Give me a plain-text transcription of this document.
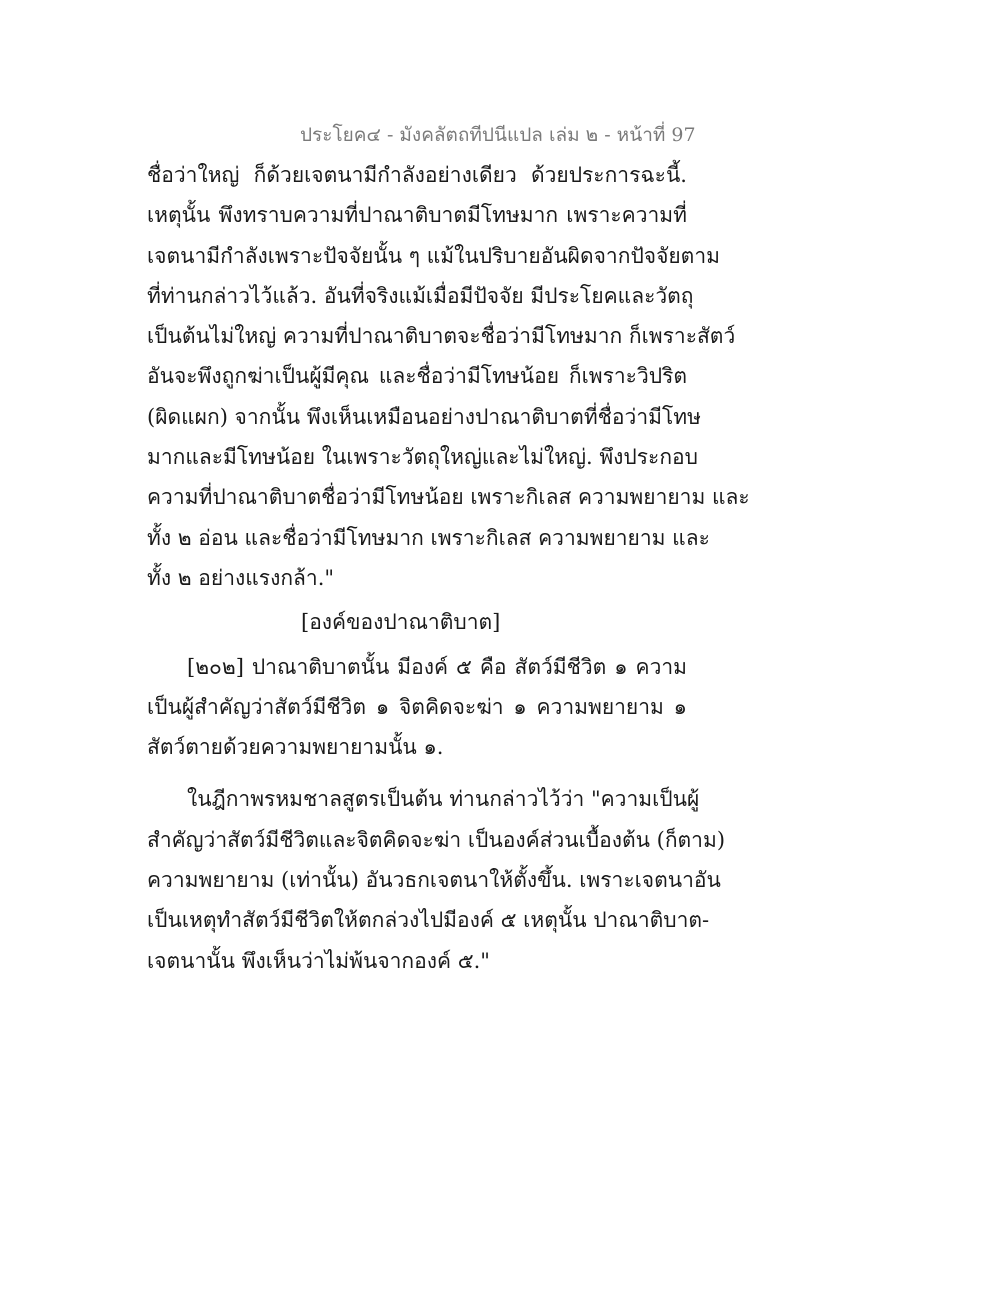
ประโยค๔ - มังคลัตถทีปนีแปล เล่ม ๒ - หน้าที่ 97
ชื่อว่าใหญ่ ก็ด้วยเจตนามีกำลังอย่างเดียว ด้วยประการฉะนี้.
เหตุนั้น พึงทราบความที่ปาณาติบาตมีโทษมาก เพราะความที่
เจตนามีกำลังเพราะปัจจัยนั้น ๆ แม้ในปริบายอันผิดจากปัจจัยตาม
ที่ท่านกล่าวไว้แล้ว. อันที่จริงแม้เมื่อมีปัจจัย มีประโยคและวัตถุ
เป็นต้นไม่ใหญ่ ความที่ปาณาติบาตจะชื่อว่ามีโทษมาก ก็เพราะสัตว์
อันจะพึงถูกฆ่าเป็นผู้มีคุณ และชื่อว่ามีโทษน้อย ก็เพราะวิปริต
(ผิดแผก) จากนั้น พึงเห็นเหมือนอย่างปาณาติบาตที่ชื่อว่ามีโทษ
มากและมีโทษน้อย ในเพราะวัตถุใหญ่และไม่ใหญ่. พึงประกอบ
ความที่ปาณาติบาตชื่อว่ามีโทษน้อย เพราะกิเลส ความพยายาม และ
ทั้ง ๒ อ่อน และชื่อว่ามีโทษมาก เพราะกิเลส ความพยายาม และ
ทั้ง ๒ อย่างแรงกล้า."
[องค์ของปาณาติบาต]
[๒๐๒] ปาณาติบาตนั้น มีองค์ ๕ คือ สัตว์มีชีวิต ๑ ความ
เป็นผู้สำคัญว่าสัตว์มีชีวิต ๑ จิตคิดจะฆ่า ๑ ความพยายาม ๑
สัตว์ตายด้วยความพยายามนั้น ๑.
ในฎีกาพรหมชาลสูตรเป็นต้น ท่านกล่าวไว้ว่า "ความเป็นผู้
สำคัญว่าสัตว์มีชีวิตและจิตคิดจะฆ่า เป็นองค์ส่วนเบื้องต้น (ก็ตาม)
ความพยายาม (เท่านั้น) อันวธกเจตนาให้ตั้งขึ้น. เพราะเจตนาอัน
เป็นเหตุทำสัตว์มีชีวิตให้ตกล่วงไปมีองค์ ๕ เหตุนั้น ปาณาติบาต-
เจตนานั้น พึงเห็นว่าไม่พ้นจากองค์ ๕."
